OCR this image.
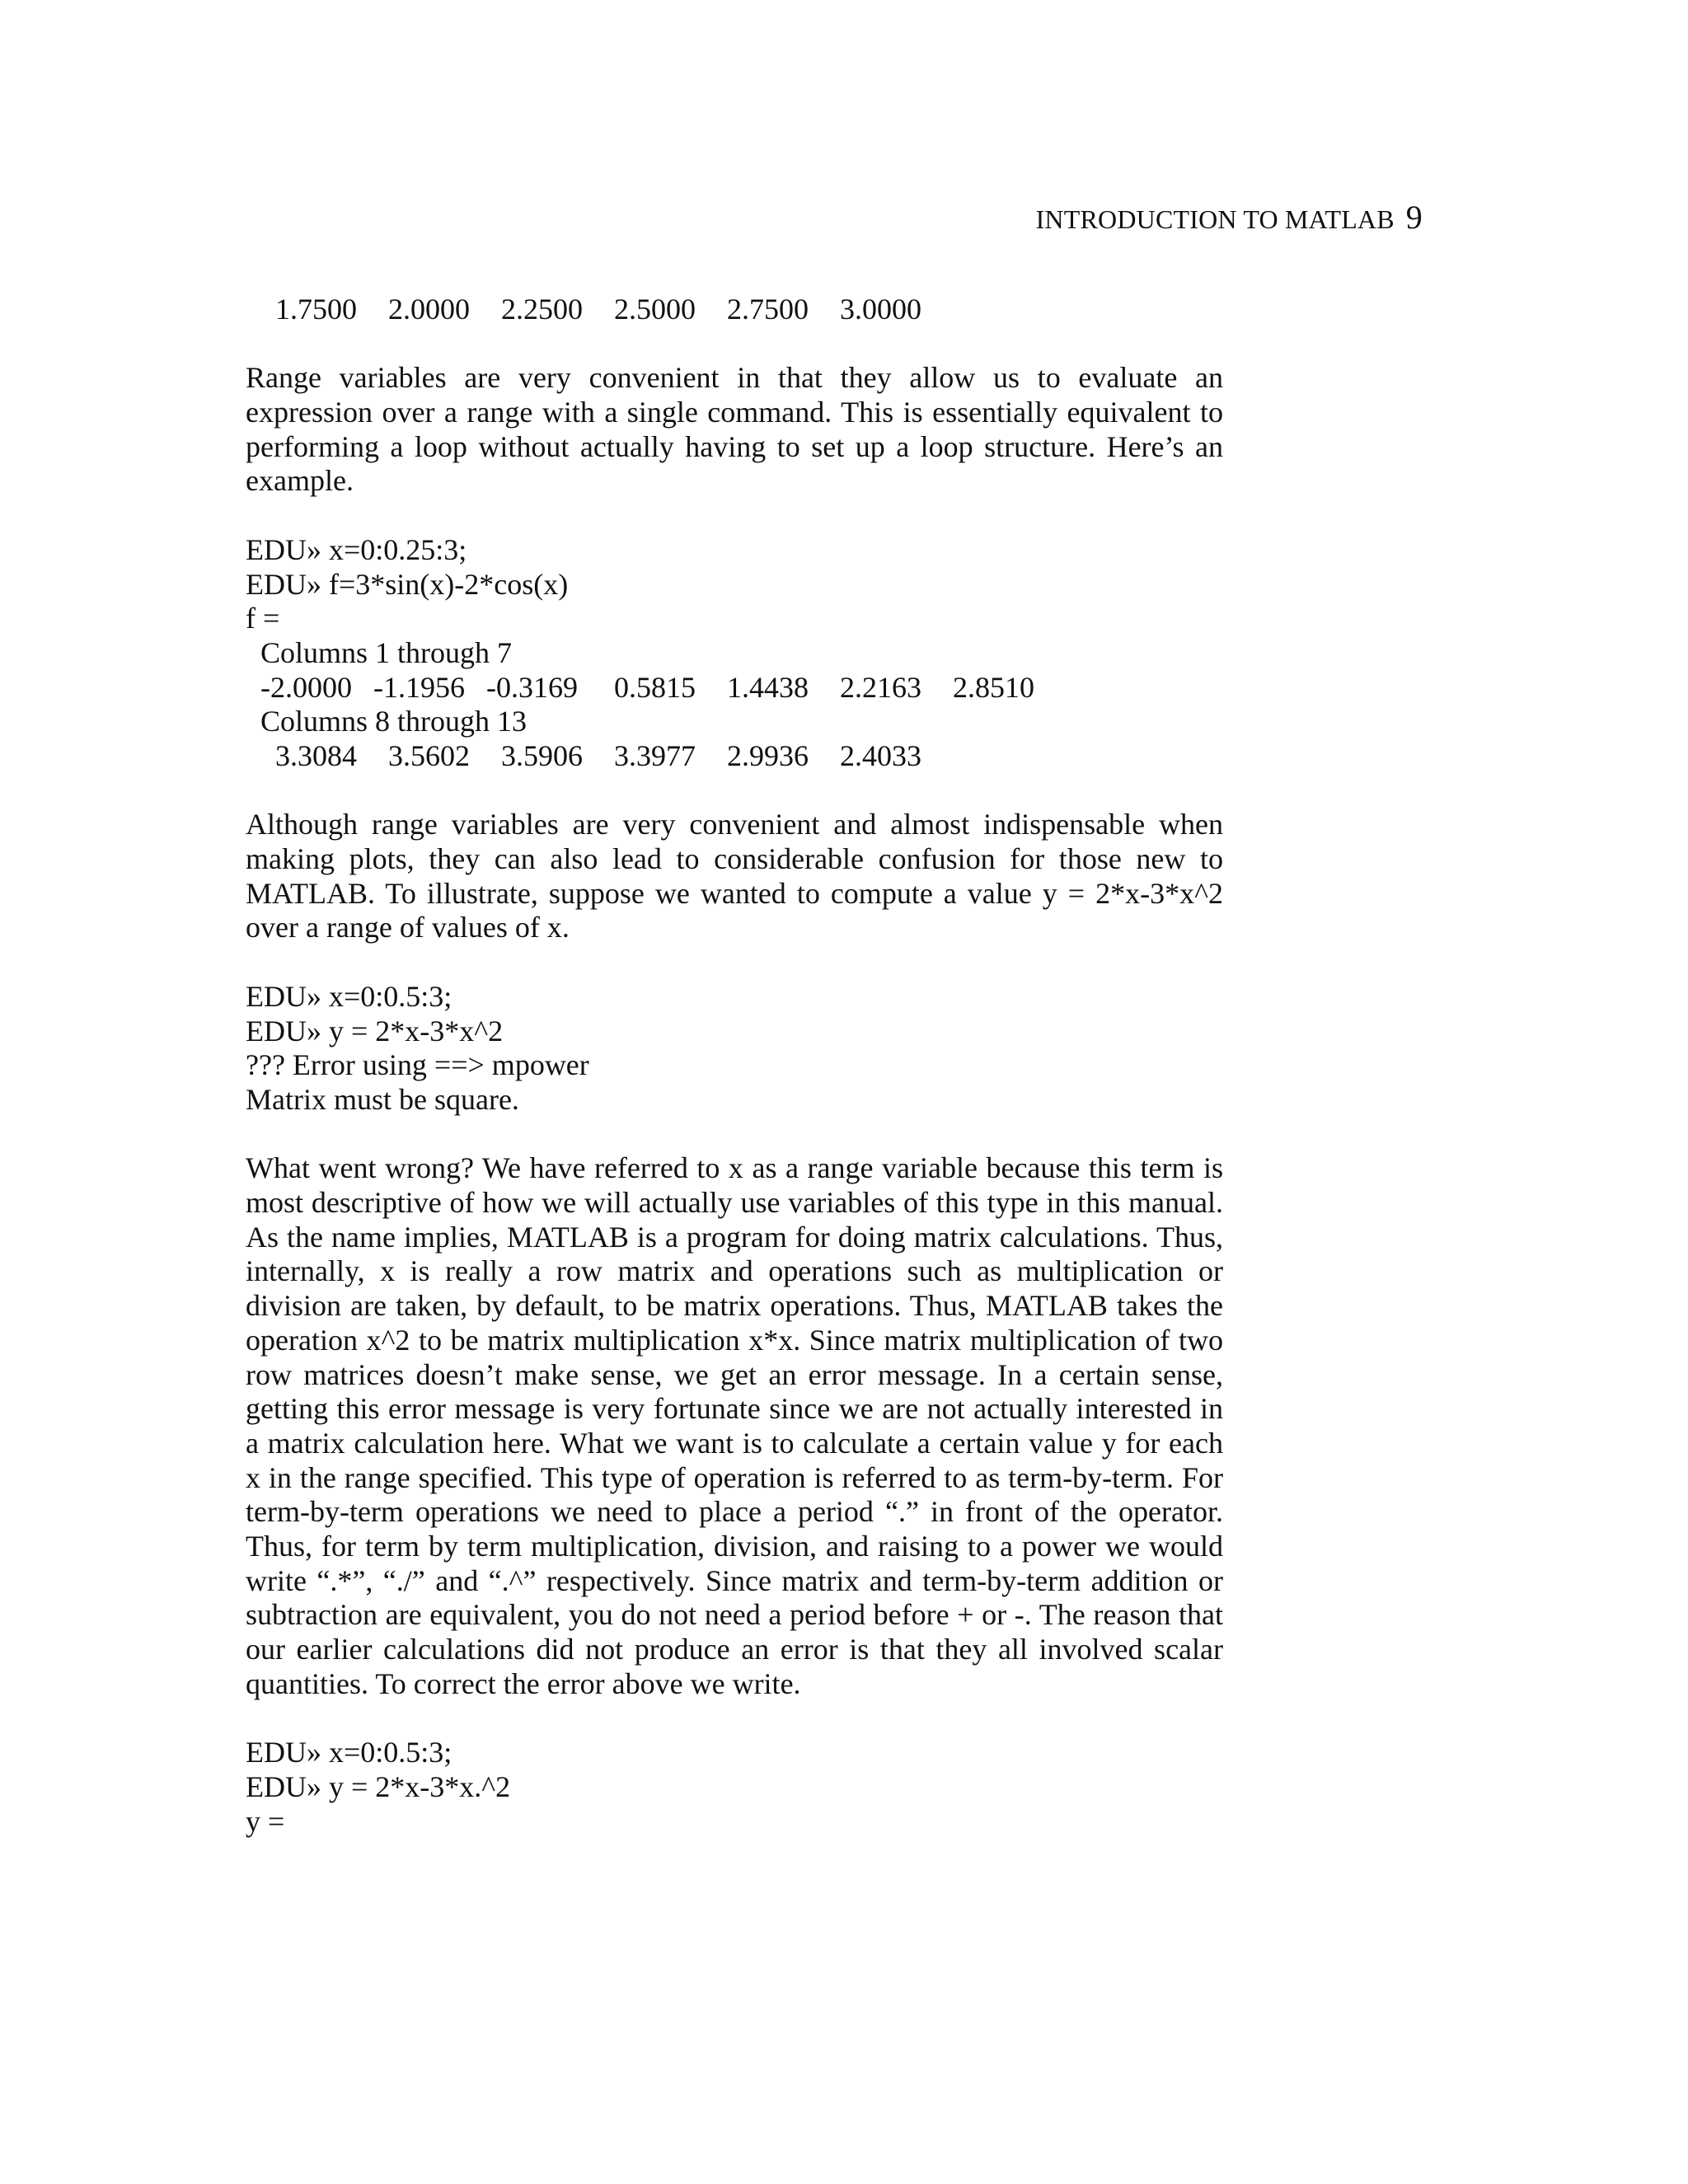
INTRODUCTION TO MATLAB 9
1.7500	2.0000	2.2500	2.5000	2.7500	3.0000

Range variables are very convenient in that they allow us to evaluate an expression over a range with a single command. This is essentially equivalent to performing a loop without actually having to set up a loop structure. Here’s an example.

EDU» x=0:0.25:3;
EDU» f=3*sin(x)-2*cos(x)
f =
Columns 1 through 7
-2.0000 -1.1956 -0.3169	0.5815	1.4438	2.2163	2.8510
Columns 8 through 13
3.3084	3.5602	3.5906	3.3977	2.9936	2.4033

Although range variables are very convenient and almost indispensable when making plots, they can also lead to considerable confusion for those new to MATLAB. To illustrate, suppose we wanted to compute a value y = 2*x-3*x^2 over a range of values of x.

EDU» x=0:0.5:3;
EDU» y = 2*x-3*x^2
??? Error using ==> mpower
Matrix must be square.

What went wrong? We have referred to x as a range variable because this term is most descriptive of how we will actually use variables of this type in this manual. As the name implies, MATLAB is a program for doing matrix calculations. Thus, internally, x is really a row matrix and operations such as multiplication or division are taken, by default, to be matrix operations. Thus, MATLAB takes the operation x^2 to be matrix multiplication x*x. Since matrix multiplication of two row matrices doesn’t make sense, we get an error message. In a certain sense, getting this error message is very fortunate since we are not actually interested in a matrix calculation here. What we want is to calculate a certain value y for each x in the range specified. This type of operation is referred to as term-by-term. For term-by-term operations we need to place a period “.” in front of the operator. Thus, for term by term multiplication, division, and raising to a power we would write “.*”, “./” and “.^” respectively. Since matrix and term-by-term addition or subtraction are equivalent, you do not need a period before + or -. The reason that our earlier calculations did not produce an error is that they all involved scalar quantities. To correct the error above we write.

EDU» x=0:0.5:3;
EDU» y = 2*x-3*x.^2
y =
